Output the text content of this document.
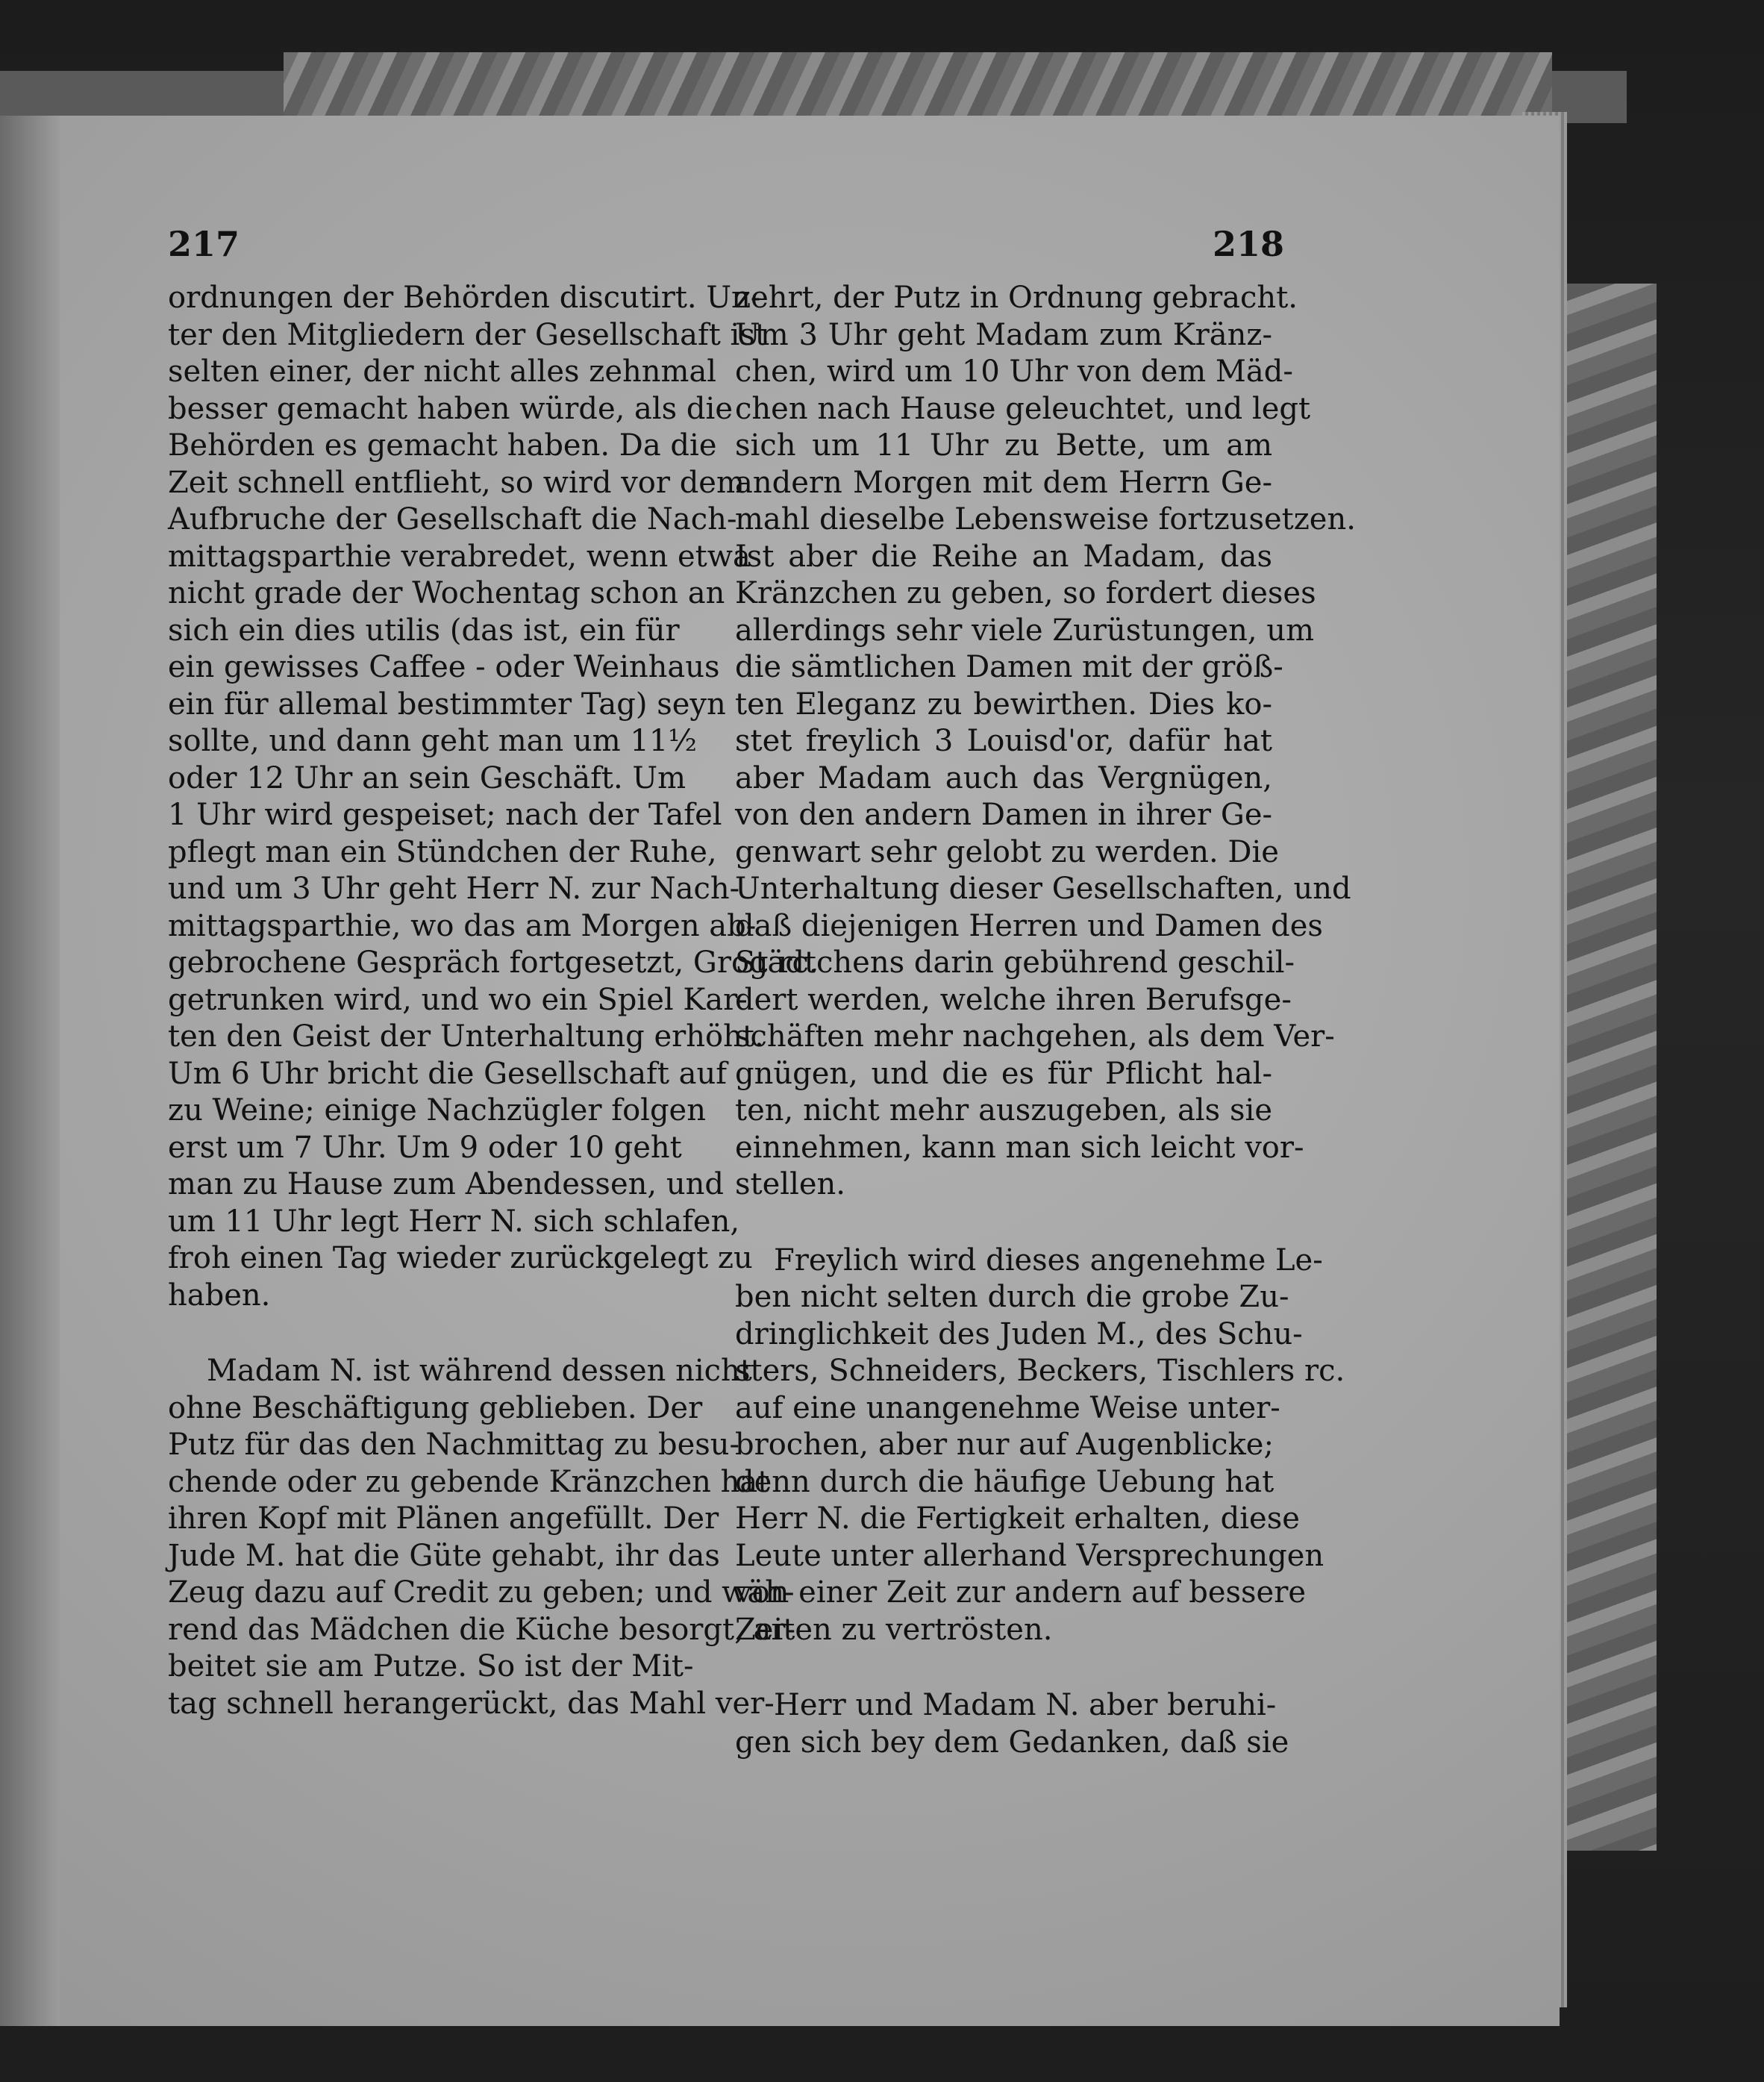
217	218
ordnungen der Behörden discutirt. Un-
ter den Mitgliedern der Gesellschaft ist
selten einer, der nicht alles zehnmal
besser gemacht haben würde, als die
Behörden es gemacht haben. Da die
Zeit schnell entflieht, so wird vor dem
Aufbruche der Gesellschaft die Nach-
mittagsparthie verabredet, wenn etwa
nicht grade der Wochentag schon an
sich ein dies utilis (das ist, ein für
ein gewisses Caffee - oder Weinhaus
ein für allemal bestimmter Tag) seyn
sollte, und dann geht man um 11½
oder 12 Uhr an sein Geschäft. Um
1 Uhr wird gespeiset; nach der Tafel
pflegt man ein Stündchen der Ruhe,
und um 3 Uhr geht Herr N. zur Nach-
mittagsparthie, wo das am Morgen ab-
gebrochene Gespräch fortgesetzt, Grog rc.
getrunken wird, und wo ein Spiel Kar-
ten den Geist der Unterhaltung erhöht.
Um 6 Uhr bricht die Gesellschaft auf
zu Weine; einige Nachzügler folgen
erst um 7 Uhr. Um 9 oder 10 geht
man zu Hause zum Abendessen, und
um 11 Uhr legt Herr N. sich schlafen,
froh einen Tag wieder zurückgelegt zu
haben.
Madam N. ist während dessen nicht
ohne Beschäftigung geblieben. Der
Putz für das den Nachmittag zu besu-
chende oder zu gebende Kränzchen hat
ihren Kopf mit Plänen angefüllt. Der
Jude M. hat die Güte gehabt, ihr das
Zeug dazu auf Credit zu geben; und wäh-
rend das Mädchen die Küche besorgt, ar-
beitet sie am Putze. So ist der Mit-
tag schnell herangerückt, das Mahl ver-
zehrt, der Putz in Ordnung gebracht.
Um 3 Uhr geht Madam zum Kränz-
chen, wird um 10 Uhr von dem Mäd-
chen nach Hause geleuchtet, und legt
sich um 11 Uhr zu Bette, um am
andern Morgen mit dem Herrn Ge-
mahl dieselbe Lebensweise fortzusetzen.
Ist aber die Reihe an Madam, das
Kränzchen zu geben, so fordert dieses
allerdings sehr viele Zurüstungen, um
die sämtlichen Damen mit der größ-
ten Eleganz zu bewirthen. Dies ko-
stet freylich 3 Louisd'or, dafür hat
aber Madam auch das Vergnügen,
von den andern Damen in ihrer Ge-
genwart sehr gelobt zu werden. Die
Unterhaltung dieser Gesellschaften, und
daß diejenigen Herren und Damen des
Städtchens darin gebührend geschil-
dert werden, welche ihren Berufsge-
schäften mehr nachgehen, als dem Ver-
gnügen, und die es für Pflicht hal-
ten, nicht mehr auszugeben, als sie
einnehmen, kann man sich leicht vor-
stellen.
Freylich wird dieses angenehme Le-
ben nicht selten durch die grobe Zu-
dringlichkeit des Juden M., des Schu-
sters, Schneiders, Beckers, Tischlers rc.
auf eine unangenehme Weise unter-
brochen, aber nur auf Augenblicke;
denn durch die häufige Uebung hat
Herr N. die Fertigkeit erhalten, diese
Leute unter allerhand Versprechungen
von einer Zeit zur andern auf bessere
Zeiten zu vertrösten.
Herr und Madam N. aber beruhi-
gen sich bey dem Gedanken, daß sie
